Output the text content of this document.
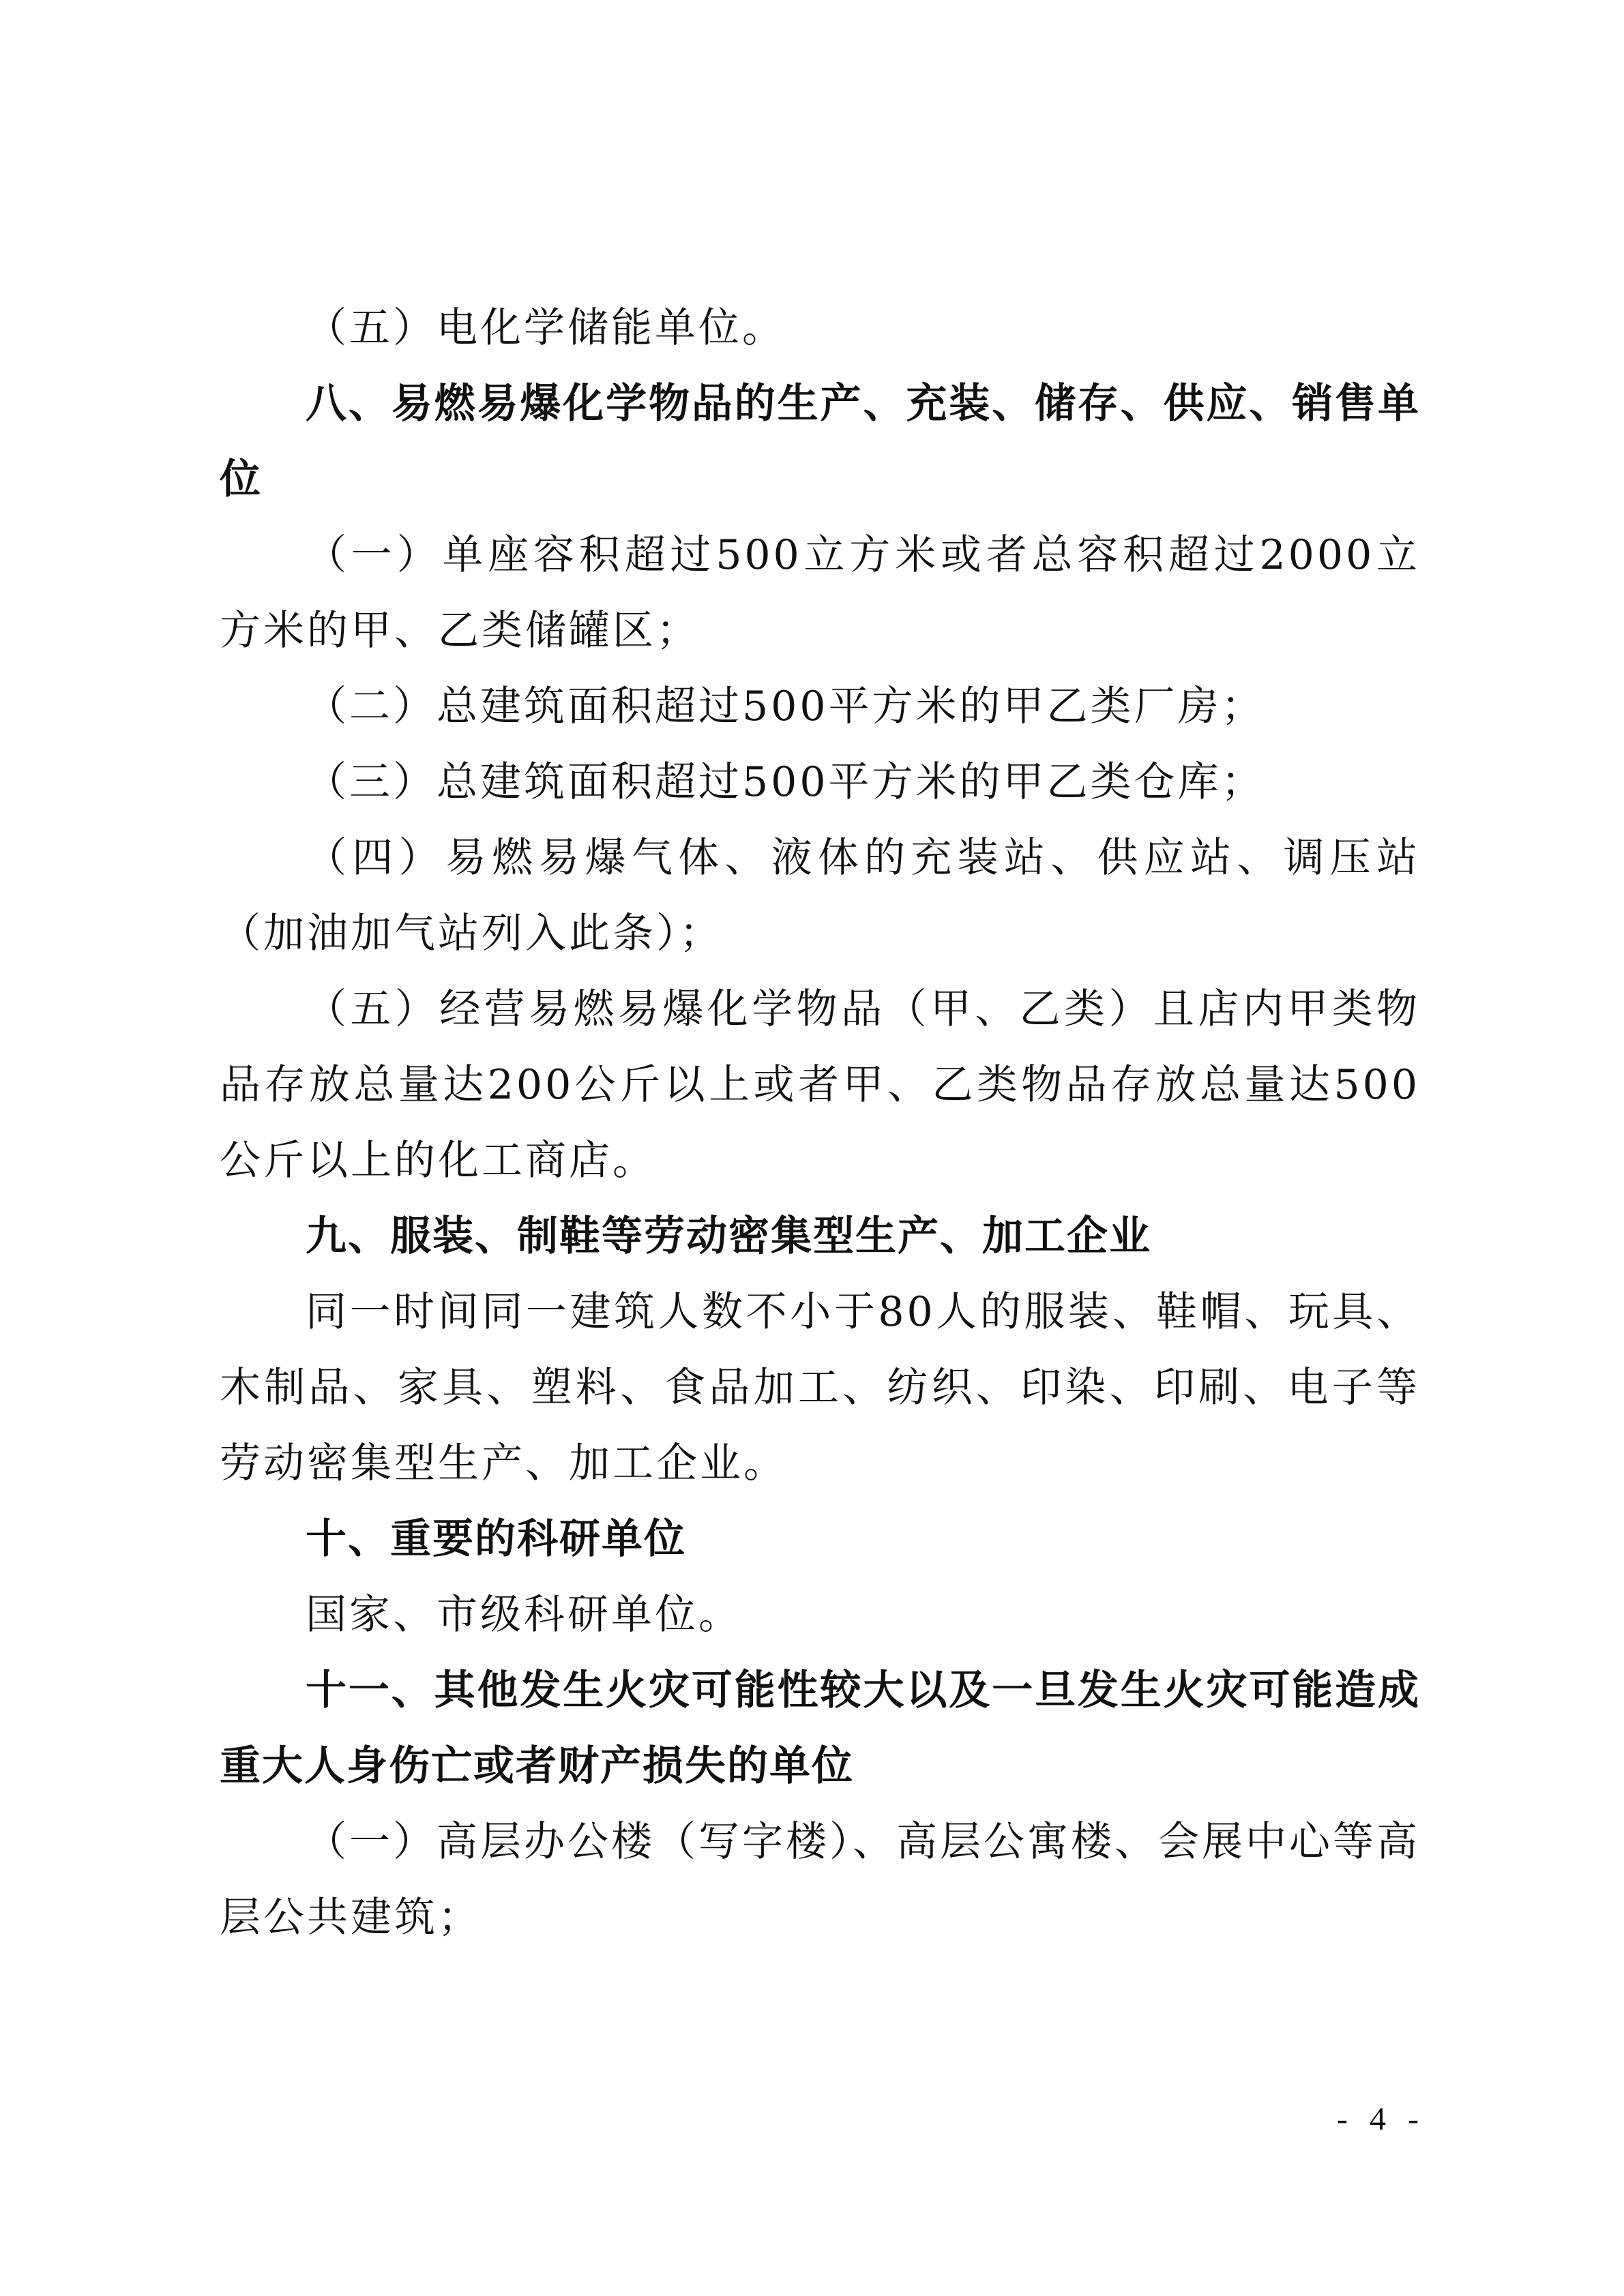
（五）电化学储能单位。

八、易燃易爆化学物品的生产、充装、储存、供应、销售单位

（一）单座容积超过500立方米或者总容积超过2000立方米的甲、乙类储罐区；

（二）总建筑面积超过500平方米的甲乙类厂房；

（三）总建筑面积超过500平方米的甲乙类仓库；

（四）易燃易爆气体、液体的充装站、供应站、调压站（加油加气站列入此条）；

（五）经营易燃易爆化学物品（甲、乙类）且店内甲类物品存放总量达200公斤以上或者甲、乙类物品存放总量达500公斤以上的化工商店。

九、服装、制鞋等劳动密集型生产、加工企业

同一时间同一建筑人数不小于80人的服装、鞋帽、玩具、木制品、家具、塑料、食品加工、纺织、印染、印刷、电子等劳动密集型生产、加工企业。

十、重要的科研单位

国家、市级科研单位。

十一、其他发生火灾可能性较大以及一旦发生火灾可能造成重大人身伤亡或者财产损失的单位

（一）高层办公楼（写字楼）、高层公寓楼、会展中心等高层公共建筑；

- 4 -
